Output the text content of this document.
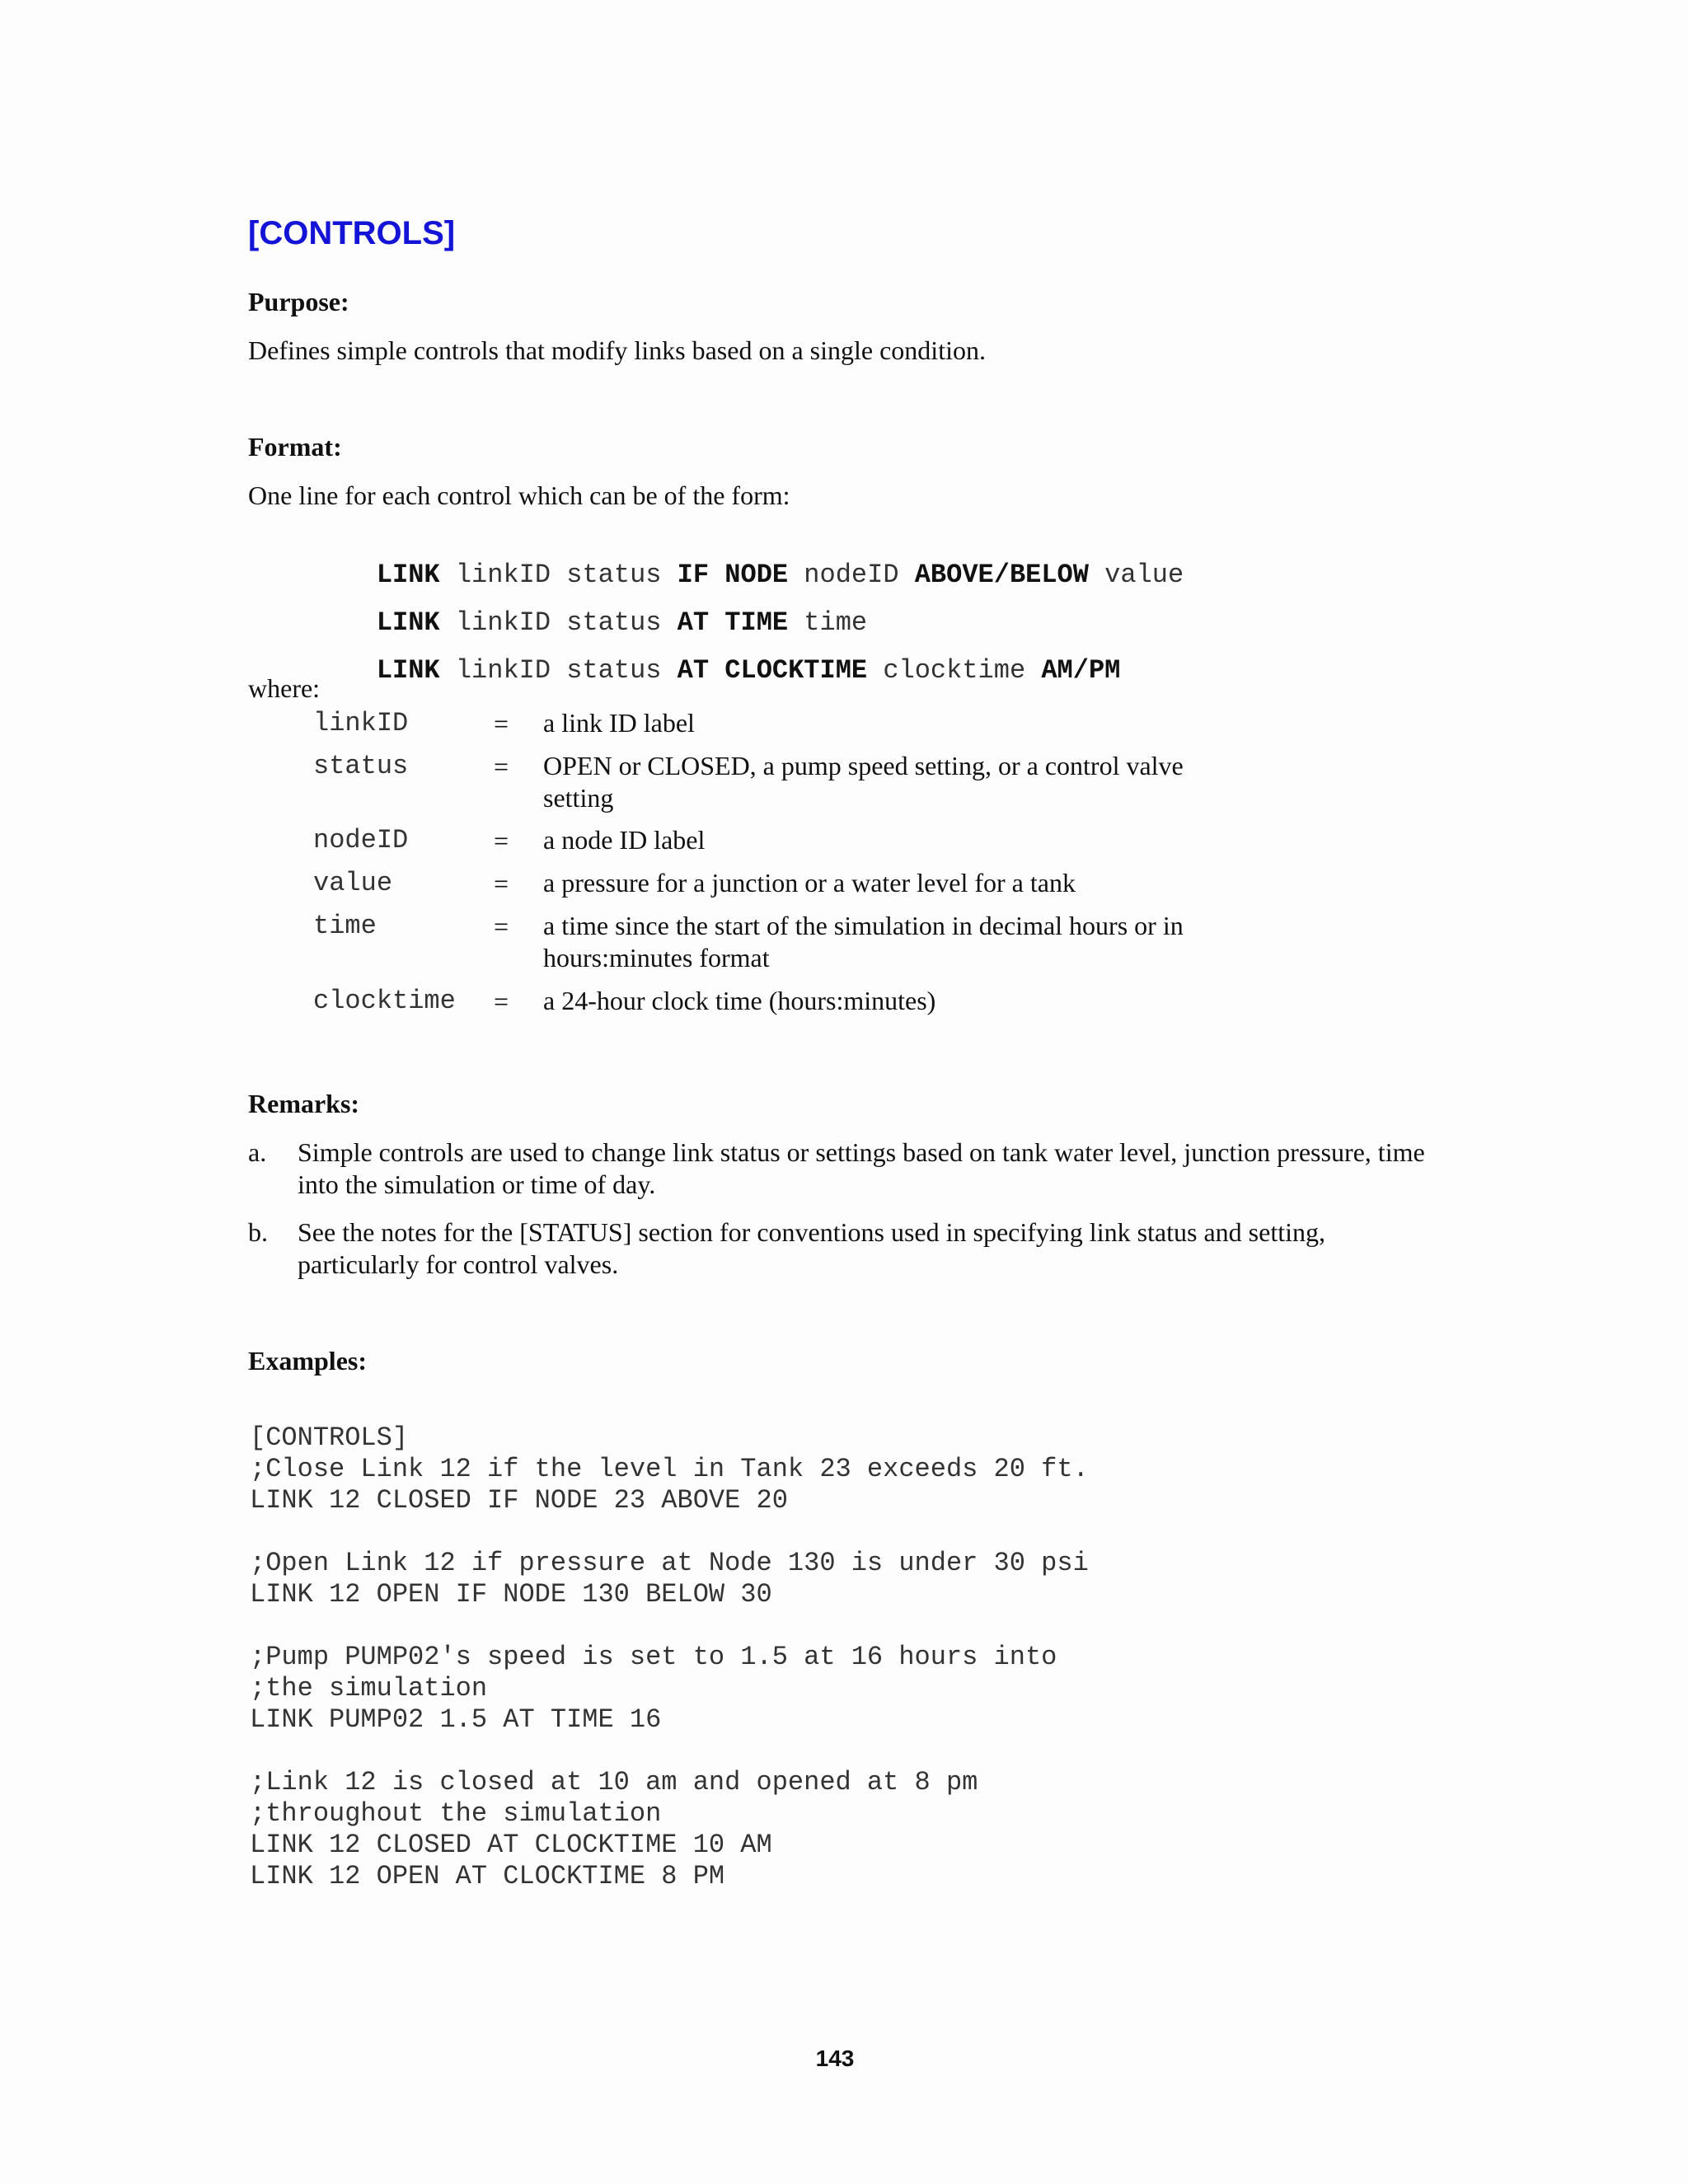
[CONTROLS]

Purpose:

Defines simple controls that modify links based on a single condition.

Format:

One line for each control which can be of the form:

LINK linkID status IF NODE nodeID ABOVE/BELOW value

LINK linkID status AT TIME time

LINK linkID status AT CLOCKTIME clocktime AM/PM

where:

linkID	= a link ID label
status	= OPEN or CLOSED, a pump speed setting, or a control valve setting
nodeID	= a node ID label
value	= a pressure for a junction or a water level for a tank
time	= a time since the start of the simulation in decimal hours or in hours:minutes format
clocktime = a 24-hour clock time (hours:minutes)

Remarks:

a. Simple controls are used to change link status or settings based on tank water level, junction pressure, time into the simulation or time of day.
b. See the notes for the [STATUS] section for conventions used in specifying link status and setting, particularly for control valves.

Examples:

[CONTROLS]
;Close Link 12 if the level in Tank 23 exceeds 20 ft.
LINK 12 CLOSED IF NODE 23 ABOVE 20

;Open Link 12 if pressure at Node 130 is under 30 psi
LINK 12 OPEN IF NODE 130 BELOW 30

;Pump PUMP02's speed is set to 1.5 at 16 hours into
;the simulation
LINK PUMP02 1.5 AT TIME 16

;Link 12 is closed at 10 am and opened at 8 pm
;throughout the simulation
LINK 12 CLOSED AT CLOCKTIME 10 AM
LINK 12 OPEN AT CLOCKTIME 8 PM

143
